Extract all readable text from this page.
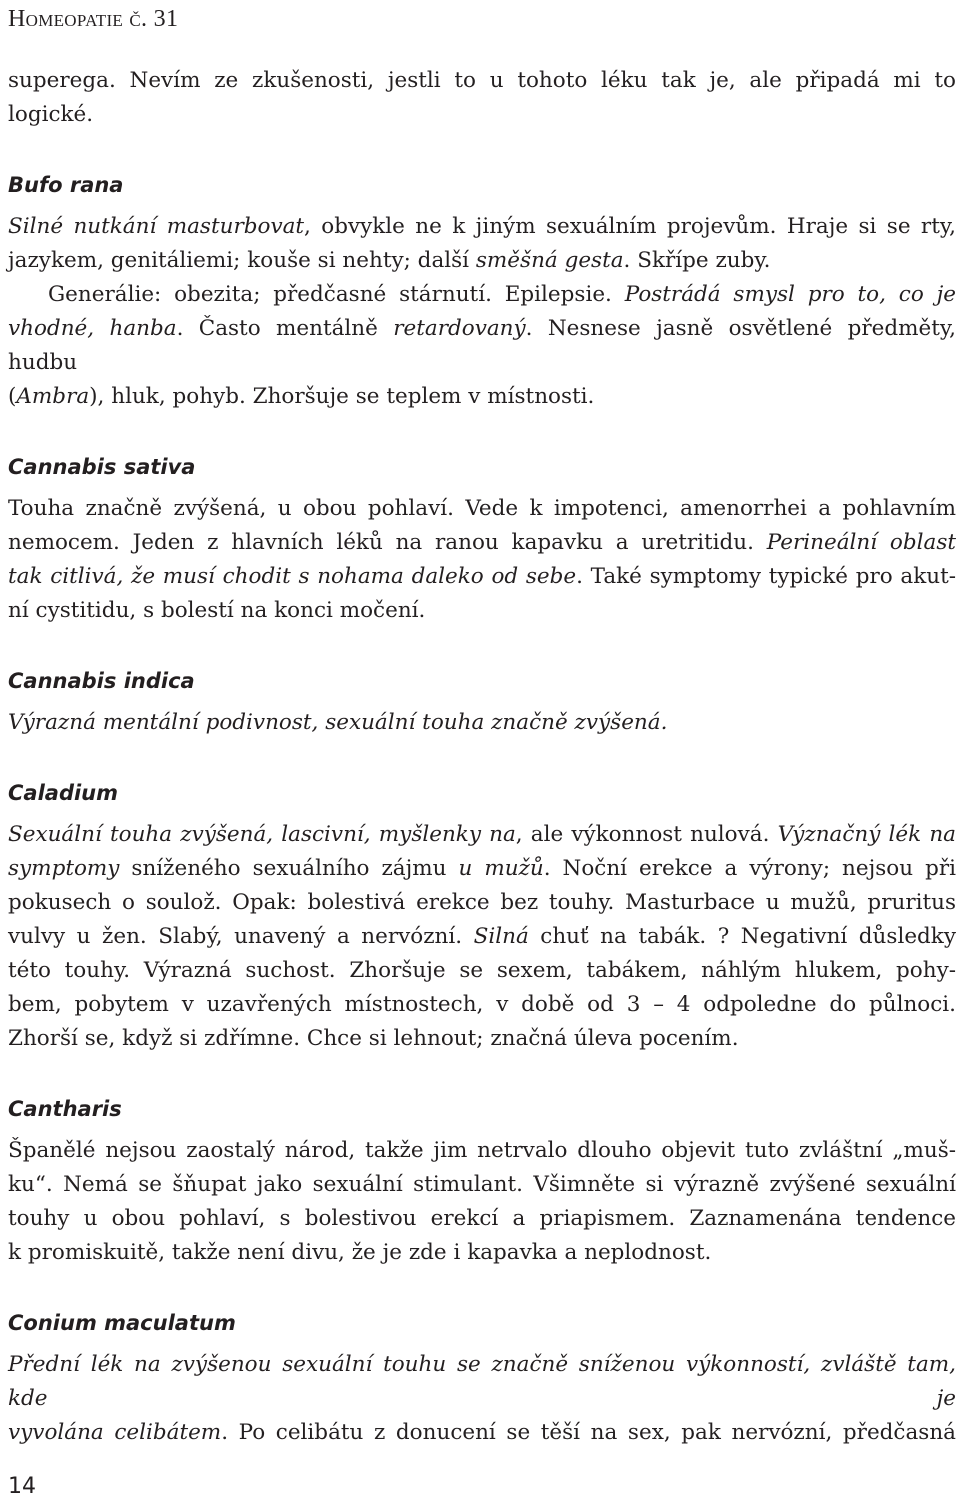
Homeopatie č. 31

superega. Nevím ze zkušenosti, jestli to u tohoto léku tak je, ale připadá mi to
logické.

Bufo rana

Silné nutkání masturbovat, obvykle ne k jiným sexuálním projevům. Hraje si se rty,
jazykem, genitáliemi; kouše si nehty; další směšná gesta. Skřípe zuby.
Generálie: obezita; předčasné stárnutí. Epilepsie. Postrádá smysl pro to, co je
vhodné, hanba. Často mentálně retardovaný. Nesnese jasně osvětlené předměty, hudbu
(Ambra), hluk, pohyb. Zhoršuje se teplem v místnosti.

Cannabis sativa

Touha značně zvýšená, u obou pohlaví. Vede k impotenci, amenorrhei a pohlavním
nemocem. Jeden z hlavních léků na ranou kapavku a uretritidu. Perineální oblast
tak citlivá, že musí chodit s nohama daleko od sebe. Také symptomy typické pro akut-
ní cystitidu, s bolestí na konci močení.

Cannabis indica

Výrazná mentální podivnost, sexuální touha značně zvýšená.

Caladium

Sexuální touha zvýšená, lascivní, myšlenky na, ale výkonnost nulová. Význačný lék na
symptomy sníženého sexuálního zájmu u mužů. Noční erekce a výrony; nejsou při
pokusech o soulož. Opak: bolestivá erekce bez touhy. Masturbace u mužů, pruritus
vulvy u žen. Slabý, unavený a nervózní. Silná chuť na tabák. ? Negativní důsledky
této touhy. Výrazná suchost. Zhoršuje se sexem, tabákem, náhlým hlukem, pohy-
bem, pobytem v uzavřených místnostech, v době od 3 – 4 odpoledne do půlnoci.
Zhorší se, když si zdřímne. Chce si lehnout; značná úleva pocením.

Cantharis

Španělé nejsou zaostalý národ, takže jim netrvalo dlouho objevit tuto zvláštní „muš-
ku“. Nemá se šňupat jako sexuální stimulant. Všimněte si výrazně zvýšené sexuální
touhy u obou pohlaví, s bolestivou erekcí a priapismem. Zaznamenána tendence
k promiskuitě, takže není divu, že je zde i kapavka a neplodnost.

Conium maculatum

Přední lék na zvýšenou sexuální touhu se značně sníženou výkonností, zvláště tam, kde je
vyvolána celibátem. Po celibátu z donucení se těší na sex, pak nervózní, předčasná

14
